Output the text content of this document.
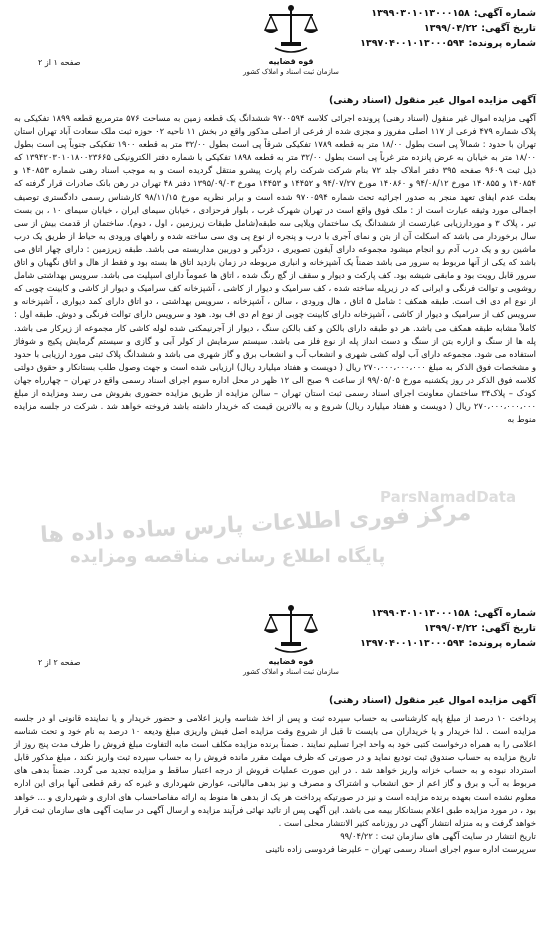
شماره آگهی:۱۳۹۹۰۳۰۱۰۱۳۰۰۰۱۵۸
تاریخ آگهی:۱۳۹۹/۰۴/۲۲
شماره پرونده:۱۳۹۷۰۴۰۰۱۰۱۳۰۰۰۵۹۴
قوه قضاییه
سازمان ثبت اسناد و املاک کشور
صفحه ۱ از ۲
آگهی مزایده اموال غیر منقول (اسناد رهنی)

آگهی مزایده اموال غیر منقول (اسناد رهنی) پرونده اجرائی کلاسه ۹۷۰۰۵۹۴ ششدانگ یک قطعه زمین به مساحت ۵۷۶ مترمربع قطعه ۱۸۹۹ تفکیکی به پلاک شماره ۴۷۹ فرعی از ۱۱۷ اصلی مفروز و مجزی شده از فرعی از اصلی مذکور واقع در بخش ۱۱ ناحیه ۰۲ حوزه ثبت ملک سعادت آباد تهران استان تهران با حدود : شمالاً پی است بطول ۱۸/۰۰ متر به قطعه ۱۷۸۹ تفکیکی شرقاً پی است بطول ۳۲/۰۰ متر به قطعه ۱۹۰۰ تفکیکی جنوباً پی است بطول ۱۸/۰۰ متر به خیابان به عرض پانزده متر غرباً پی است بطول ۳۲/۰۰ متر به قطعه ۱۸۹۸ تفکیکی با شماره دفتر الکترونیکی ۱۳۹۴۲۰۳۰۱۰۱۸۰۰۲۳۶۶۵ که ذیل ثبت ۹۶۰۹ صفحه ۳۹۵ دفتر املاک جلد ۷۲ بنام شرکت شرکت رام پارت پیشرو منتقل گردیده است و به موجب اسناد رهنی شماره ۱۴۰۸۵۳ و ۱۴۰۸۵۴ و ۱۴۰۸۵۵ مورخ ۹۴/۰۸/۱۲ و ۱۴۰۸۶۰ مورخ ۹۴/۰۷/۲۷ و ۱۴۴۵۲ و ۱۴۴۵۳ مورخ ۱۳۹۵/۰۹/۰۳ دفتر ۴۸ تهران در رهن بانک صادرات قرار گرفته که بعلت عدم ایفای تعهد منجر به صدور اجرائیه تحت شماره ۹۷۰۰۵۹۴ شده است و برابر نظریه مورخ ۹۸/۱۱/۱۵ کارشناس رسمی دادگستری توصیف اجمالی مورد وثیقه عبارت است از : ملک فوق واقع است در تهران شهرک غرب ، بلوار فرحزادی ، خیابان سیمای ایران ، خیابان سیمای ۱۰ ، بن بست تیر ، پلاک ۳ و موردارزیابی عبارتست از ششدانگ یک ساختمان ویلایی سه طبقه(شامل طبقات زیرزمین ، اول ، دوم). ساختمان از قدمت بیش از سی سال برخوردار می باشد که اسکلت آن از بتن و نمای آجری با درب و پنجره از نوع پی وی سی ساخته شده و راههای ورودی به حیاط از طریق یک درب ماشین رو و یک درب آدم رو انجام میشود مجموعه دارای آیفون تصویری ، دزدگیر و دوربین مداربسته می باشد. طبقه زیرزمین : دارای چهار اتاق می باشد که یکی از آنها مربوط به سرور می باشد ضمناً یک آشپزخانه و انباری مربوطه در زمان بازدید اتاق ها بسته بود و فقط از هال و اتاق نگهبان و اتاق سرور قابل رویت بود و مابقی شیشه بود. کف پارکت و دیوار و سقف از گچ رنگ شده ، اتاق ها عموماً دارای اسپلیت می باشد. سرویس بهداشتی شامل روشویی و توالت فرنگی و ایرانی که در زیرپله ساخته شده ، کف سرامیک و دیوار از کاشی ، آشپزخانه کف سرامیک و دیوار از کاشی و کابینت چوبی که از نوع ام دی اف است. طبقه همکف : شامل ۵ اتاق ، هال ورودی ، سالن ، آشپزخانه ، سرویس بهداشتی ، دو اتاق دارای کمد دیواری ، آشپزخانه و سرویس کف از سرامیک و دیوار از کاشی ، آشپزخانه دارای کابینت چوبی از نوع ام دی اف بود. هود و سرویس دارای توالت فرنگی و دوش. طبقه اول : کاملاً مشابه طبقه همکف می باشد. هر دو طبقه دارای بالکن و کف بالکن سنگ ، دیوار از آجرنیمکتی شده لوله کاشی کار مجموعه از زیرکار می باشد. پله ها از سنگ و ازاره بتن از سنگ و دست انداز پله از نوع فلز می باشد. سیستم سرمایش از کولر آبی و گازی و سیستم گرمایش پکیج و شوفاژ استفاده می شود. مجموعه دارای آب لوله کشی شهری و انشعاب آب و انشعاب برق و گاز شهری می باشد و ششدانگ پلاک ثبتی مورد ارزیابی با حدود و مشخصات فوق الذکر به مبلغ ۲۷۰،۰۰۰،۰۰۰،۰۰۰ ریال ( دویست و هفتاد میلیارد ریال) ارزیابی شده است و جهت وصول طلب بستانکار و حقوق دولتی کلاسه فوق الذکر در روز یکشنبه مورخ ۹۹/۰۵/۰۵ از ساعت ۹ صبح الی ۱۲ ظهر در محل اداره سوم اجرای اسناد رسمی واقع در تهران – چهارراه جهان کودک – پلاک۳۴ ساختمان معاونت اجرای اسناد رسمی ثبت استان تهران – سالن مزایده از طریق مزایده حضوری بفروش می رسد ومزایده از مبلغ ۲۷۰،۰۰۰،۰۰۰،۰۰۰ ریال ( دویست و هفتاد میلیارد ریال) شروع و به بالاترین قیمت که خریدار داشته باشد فروخته خواهد شد . شرکت در جلسه مزایده منوط به

ParsNamadData
مرکز فوری اطلاعات پارس ساده داده ها
پایگاه اطلاع رسانی مناقصه ومزایده
شماره آگهی:۱۳۹۹۰۳۰۱۰۱۳۰۰۰۱۵۸
تاریخ آگهی:۱۳۹۹/۰۴/۲۲
شماره پرونده:۱۳۹۷۰۴۰۰۱۰۱۳۰۰۰۵۹۴
قوه قضاییه
سازمان ثبت اسناد و املاک کشور
صفحه ۲ از ۲
آگهی مزایده اموال غیر منقول (اسناد رهنی)

پرداخت ۱۰ درصد از مبلغ پایه کارشناسی به حساب سپرده ثبت و پس از اخذ شناسه واریز اعلامی و حضور خریدار و یا نماینده قانونی او در جلسه مزایده است . لذا خریدار و یا خریداران می بایست تا قبل از شروع وقت مزایده اصل فیش واریزی مبلغ ودیعه ۱۰ درصد به نام خود و تحت شناسه اعلامی را به همراه درخواست کتبی خود به واحد اجرا تسلیم نمایند . ضمناً برنده مزایده مکلف است مابه التفاوت مبلغ فروش را ظرف مدت پنج روز از تاریخ مزایده به حساب صندوق ثبت تودیع نماید و در صورتی که ظرف مهلت مقرر مانده فروش را به حساب سپرده ثبت واریز نکند ، مبلغ مذکور قابل استرداد نبوده و به حساب خزانه واریز خواهد شد . در این صورت عملیات فروش از درجه اعتبار ساقط و مزایده تجدید می گردد. ضمناً بدهی های مربوط به آب و برق و گاز اعم از حق انشعاب و اشتراک و مصرف و نیز بدهی مالیاتی، عوارض شهرداری و غیره که رقم قطعی آنها برای این اداره معلوم نشده است بعهده برنده مزایده است و نیز در صورتیکه پرداخت هر یک از بدهی ها منوط به ارائه مفاصاحساب های اداری و شهرداری و ... خواهد بود ، در مورد مزایده طبق اعلام بستانکار بیمه می باشد. این آگهی پس از تائید نهائی فرآیند مزایده و ارسال آگهی در سایت آگهی های سازمان ثبت قرار خواهد گرفت و به منزله انتشار آگهی در روزنامه کثیر الانتشار محلی است .

تاریخ انتشار در سایت آگهی های سازمان ثبت : ۹۹/۰۴/۲۲
سرپرست اداره سوم اجرای اسناد رسمی تهران – علیرضا فردوسی زاده نائینی
